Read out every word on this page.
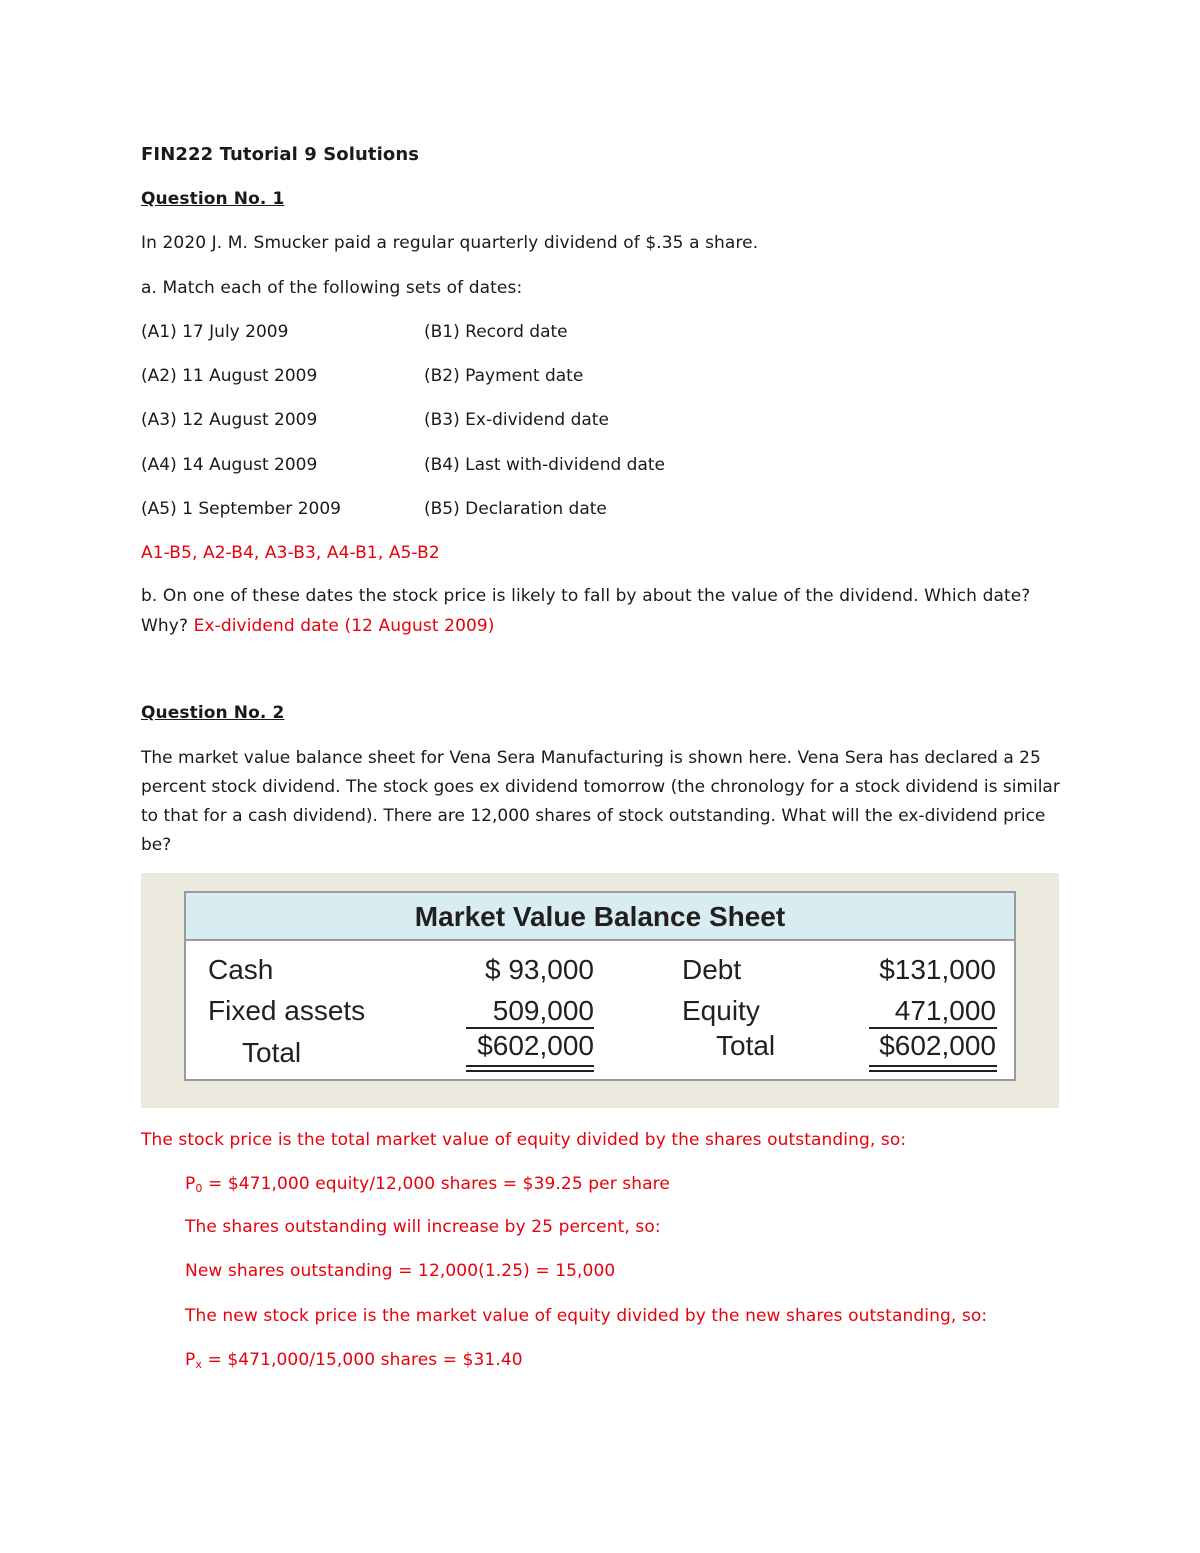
FIN222 Tutorial 9 Solutions
Question No. 1
In 2020 J. M. Smucker paid a regular quarterly dividend of $.35 a share.
a. Match each of the following sets of dates:
(A1) 17 July 2009	(B1) Record date
(A2) 11 August 2009	(B2) Payment date
(A3) 12 August 2009	(B3) Ex-dividend date
(A4) 14 August 2009	(B4) Last with-dividend date
(A5) 1 September 2009	(B5) Declaration date
A1-B5, A2-B4, A3-B3, A4-B1, A5-B2
b. On one of these dates the stock price is likely to fall by about the value of the dividend. Which date?
Why? Ex-dividend date (12 August 2009)
Question No. 2
The market value balance sheet for Vena Sera Manufacturing is shown here. Vena Sera has declared a 25 percent stock dividend. The stock goes ex dividend tomorrow (the chronology for a stock dividend is similar to that for a cash dividend). There are 12,000 shares of stock outstanding. What will the ex-dividend price be?
Market Value Balance Sheet
Cash	$ 93,000	Debt	$131,000
Fixed assets	509,000	Equity	471,000
Total	$602,000	Total	$602,000
The stock price is the total market value of equity divided by the shares outstanding, so:
$P_0$ = $471,000 equity/12,000 shares = $39.25 per share
The shares outstanding will increase by 25 percent, so:
New shares outstanding = 12,000(1.25) = 15,000
The new stock price is the market value of equity divided by the new shares outstanding, so:
$P_x$ = $471,000/15,000 shares = $31.40
